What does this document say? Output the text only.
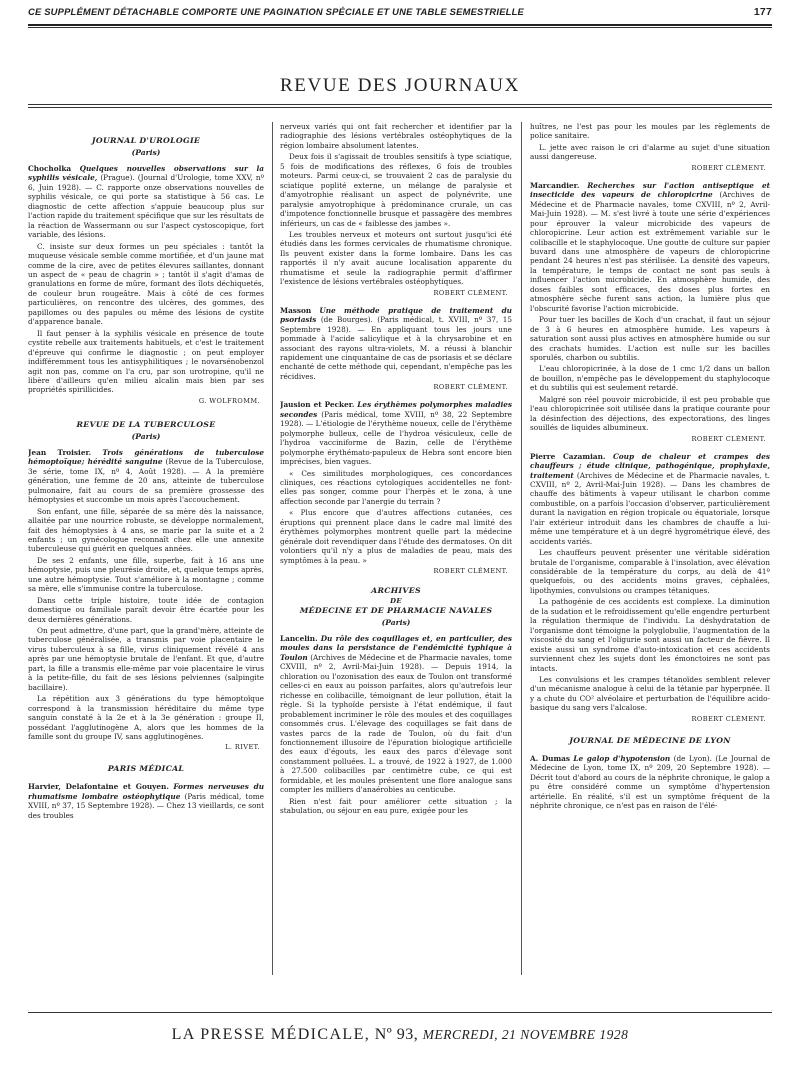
CE SUPPLÉMENT DÉTACHABLE COMPORTE UNE PAGINATION SPÉCIALE ET UNE TABLE SEMESTRIELLE	177
REVUE DES JOURNAUX
JOURNAL D'UROLOGIE
(Paris)

Chocholka Quelques nouvelles observations sur la syphilis vésicale, (Prague). (Journal d'Urologie, tome XXV, nº 6, Juin 1928). — C. rapporte onze observations nouvelles de syphilis vésicale, ce qui porte sa statistique à 56 cas. Le diagnostic de cette affection s'appuie beaucoup plus sur l'action rapide du traitement spécifique que sur les résultats de la réaction de Wassermann ou sur l'aspect cystoscopique, fort variable, des lésions.

C. insiste sur deux formes un peu spéciales : tantôt la muqueuse vésicale semble comme mortifiée, et d'un jaune mat comme de la cire, avec de petites élevures saillantes, donnant un aspect de « peau de chagrin » ; tantôt il s'agit d'amas de granulations en forme de mûre, formant des îlots déchiquetés, de couleur brun rougeâtre. Mais à côté de ces formes particulières, on rencontre des ulcères, des gommes, des papillomes ou des papules ou même des lésions de cystite d'apparence banale.

Il faut penser à la syphilis vésicale en présence de toute cystite rebelle aux traitements habituels, et c'est le traitement d'épreuve qui confirme le diagnostic ; on peut employer indifféremment tous les antisyphilitiques ; le novarsénobenzol agit non pas, comme on l'a cru, par son urotropine, qu'il ne libère d'ailleurs qu'en milieu alcalin mais bien par ses propriétés spirillicides.

G. WOLFROMM.
REVUE DE LA TUBERCULOSE
(Paris)

Jean Troisier. Trois générations de tuberculose hémoptoïque; hérédité sanguine (Revue de la Tuberculose, 3e série, tome IX, nº 4, Août 1928). — A la première génération, une femme de 20 ans, atteinte de tuberculose pulmonaire, fait au cours de sa première grossesse des hémoptysies et succombe un mois après l'accouchement.

Son enfant, une fille, séparée de sa mère dès la naissance, allaitée par une nourrice robuste, se développe normalement, fait des hémoptysies à 4 ans, se marie par la suite et a 2 enfants ; un gynécologue reconnaît chez elle une annexite tuberculeuse qui guérit en quelques années.

De ses 2 enfants, une fille, superbe, fait à 16 ans une hémoptysie, puis une pleurésie droite, et, quelque temps après, une autre hémoptysie. Tout s'améliore à la montagne ; comme sa mère, elle s'immunise contre la tuberculose.

Dans cette triple histoire, toute idée de contagion domestique ou familiale paraît devoir être écartée pour les deux dernières générations.

On peut admettre, d'une part, que la grand'mère, atteinte de tuberculose généralisée, a transmis par voie placentaire le virus tuberculeux à sa fille, virus cliniquement révélé 4 ans après par une hémoptysie brutale de l'enfant. Et que, d'autre part, la fille a transmis elle-même par voie placentaire le virus à la petite-fille, du fait de ses lésions pelviennes (salpingite bacillaire).

La répétition aux 3 générations du type hémoptoïque correspond à la transmission héréditaire du même type sanguin constaté à la 2e et à la 3e génération : groupe II, possédant l'agglutinogène A, alors que les hommes de la famille sont du groupe IV, sans agglutinogènes.

L. RIVET.
PARIS MÉDICAL

Harvier, Delafontaine et Gouyen. Formes nerveuses du rhumatisme lombaire ostéophytique (Paris médical, tome XVIII, nº 37, 15 Septembre 1928). — Chez 13 vieillards, ce sont des troubles

nerveux variés qui ont fait rechercher et identifier par la radiographie des lésions vertébrales ostéophytiques de la région lombaire absolument latentes.

Deux fois il s'agissait de troubles sensitifs à type sciatique, 5 fois de modifications des réflexes, 6 fois de troubles moteurs. Parmi ceux-ci, se trouvaient 2 cas de paralysie du sciatique poplité externe, un mélange de paralysie et d'amyotrophie réalisant un aspect de polynévrite, une paralysie amyotrophique à prédominance crurale, un cas d'impotence fonctionnelle brusque et passagère des membres inférieurs, un cas de « faiblesse des jambes ».

Les troubles nerveux et moteurs ont surtout jusqu'ici été étudiés dans les formes cervicales de rhumatisme chronique. Ils peuvent exister dans la forme lombaire. Dans les cas rapportés il n'y avait aucune localisation apparente du rhumatisme et seule la radiographie permit d'affirmer l'existence de lésions vertébrales ostéophytiques.

ROBERT CLÉMENT.

Masson Une méthode pratique de traitement du psoriasis (de Bourges). (Paris médical, t. XVIII, nº 37, 15 Septembre 1928). — En appliquant tous les jours une pommade à l'acide salicylique et à la chrysarobine et en associant des rayons ultra-violets, M. a réussi à blanchir rapidement une cinquantaine de cas de psoriasis et se déclare enchanté de cette méthode qui, cependant, n'empêche pas les récidives.

ROBERT CLÉMENT.

Jausion et Pecker. Les érythèmes polymorphes maladies secondes (Paris médical, tome XVIII, nº 38, 22 Septembre 1928). — L'étiologie de l'érythème noueux, celle de l'érythème polymorphe bulleux, celle de l'hydroa vésiculeux, celle de l'hydroa vacciniforme de Bazin, celle de l'érythème polymorphe érythémato-papuleux de Hebra sont encore bien imprécises, bien vagues.

« Ces similitudes morphologiques, ces concordances cliniques, ces réactions cytologiques accidentelles ne font-elles pas songer, comme pour l'herpès et le zona, à une affection seconde par l'anergie du terrain ?

« Plus encore que d'autres affections cutanées, ces éruptions qui prennent place dans le cadre mal limité des érythèmes polymorphes montrent quelle part la médecine générale doit revendiquer dans l'étude des dermatoses. On dit volontiers qu'il n'y a plus de maladies de peau, mais des symptômes à la peau. »

ROBERT CLÉMENT.
ARCHIVES
DE
MÉDECINE ET DE PHARMACIE NAVALES
(Paris)

Lancelin. Du rôle des coquillages et, en particulier, des moules dans la persistance de l'endémicité typhique à Toulon (Archives de Médecine et de Pharmacie navales, tome CXVIII, nº 2, Avril-Mai-Juin 1928). — Depuis 1914, la chloration ou l'ozonisation des eaux de Toulon ont transformé celles-ci en eaux au poisson parfaites, alors qu'autrefois leur richesse en colibacille, témoignant de leur pollution, était la règle. Si la typhoïde persiste à l'état endémique, il faut probablement incriminer le rôle des moules et des coquillages consommés crus. L'élevage des coquillages se fait dans de vastes parcs de la rade de Toulon, où du fait d'un fonctionnement illusoire de l'épuration biologique artificielle des eaux d'égouts, les eaux des parcs d'élevage sont constamment polluées. L. a trouvé, de 1922 à 1927, de 1.000 à 27.500 colibacilles par centimètre cube, ce qui est formidable, et les moules présentent une flore analogue sans compter les milliers d'anaérobies au centicube.

Rien n'est fait pour améliorer cette situation ; la stabulation, ou séjour en eau pure, exigée pour les

huîtres, ne l'est pas pour les moules par les règlements de police sanitaire.

L. jette avec raison le cri d'alarme au sujet d'une situation aussi dangereuse.

ROBERT CLÉMENT.

Marcandier. Recherches sur l'action antiseptique et insecticide des vapeurs de chloropicrine (Archives de Médecine et de Pharmacie navales, tome CXVIII, nº 2, Avril-Mai-Juin 1928). — M. s'est livré à toute une série d'expériences pour éprouver la valeur microbicide des vapeurs de chloropicrine. Leur action est extrêmement variable sur le colibacille et le staphylocoque. Une goutte de culture sur papier buvard dans une atmosphère de vapeurs de chloropicrine pendant 24 heures n'est pas stérilisée. La densité des vapeurs, la température, le temps de contact ne sont pas seuls à influencer l'action microbicide. En atmosphère humide, des doses faibles sont efficaces, des doses plus fortes en atmosphère sèche furent sans action, la lumière plus que l'obscurité favorise l'action microbicide.

Pour tuer les bacilles de Koch d'un crachat, il faut un séjour de 3 à 6 heures en atmosphère humide. Les vapeurs à saturation sont aussi plus actives en atmosphère humide ou sur des crachats humides. L'action est nulle sur les bacilles sporulés, charbon ou subtilis.

L'eau chloropicrinée, à la dose de 1 cmc 1/2 dans un ballon de bouillon, n'empêche pas le développement du staphylocoque et du subtilis qui est seulement retardé.

Malgré son réel pouvoir microbicide, il est peu probable que l'eau chloropicrinée soit utilisée dans la pratique courante pour la désinfection des déjections, des expectorations, des linges souillés de liquides albumineux.

ROBERT CLÉMENT.

Pierre Cazamian. Coup de chaleur et crampes des chauffeurs ; étude clinique, pathogénique, prophylaxie, traitement (Archives de Médecine et de Pharmacie navales, t. CXVIII, nº 2, Avril-Mai-Juin 1928). — Dans les chambres de chauffe des bâtiments à vapeur utilisant le charbon comme combustible, on a parfois l'occasion d'observer, particulièrement durant la navigation en région tropicale ou équatoriale, lorsque l'air extérieur introduit dans les chambres de chauffe a lui-même une température et à un degré hygrométrique élevé, des accidents variés.

Les chauffeurs peuvent présenter une véritable sidération brutale de l'organisme, comparable à l'insolation, avec élévation considérable de la température du corps, au delà de 41º quelquefois, ou des accidents moins graves, céphalées, lipothymies, convulsions ou crampes tétaniques.

La pathogénie de ces accidents est complexe. La diminution de la sudation et le refroidissement qu'elle engendre perturbent la régulation thermique de l'individu. La déshydratation de l'organisme dont témoigne la polyglobulie, l'augmentation de la viscosité du sang et l'oligurie sont aussi un facteur de fièvre. Il existe aussi un syndrome d'auto-intoxication et ces accidents surviennent chez les sujets dont les émonctoires ne sont pas intacts.

Les convulsions et les crampes tétanoïdes semblent relever d'un mécanisme analogue à celui de la tétanie par hyperpnée. Il y a chute du CO² alvéolaire et perturbation de l'équilibre acido-basique du sang vers l'alcalose.

ROBERT CLÉMENT.
JOURNAL DE MÉDECINE DE LYON

A. Dumas Le galop d'hypotension (de Lyon). (Le Journal de Médecine de Lyon, tome IX, nº 209, 20 Septembre 1928). — Décrit tout d'abord au cours de la néphrite chronique, le galop a pu être considéré comme un symptôme d'hypertension artérielle. En réalité, s'il est un symptôme fréquent de la néphrite chronique, ce n'est pas en raison de l'élé-

LA PRESSE MÉDICALE, Nº 93, MERCREDI, 21 NOVEMBRE 1928
